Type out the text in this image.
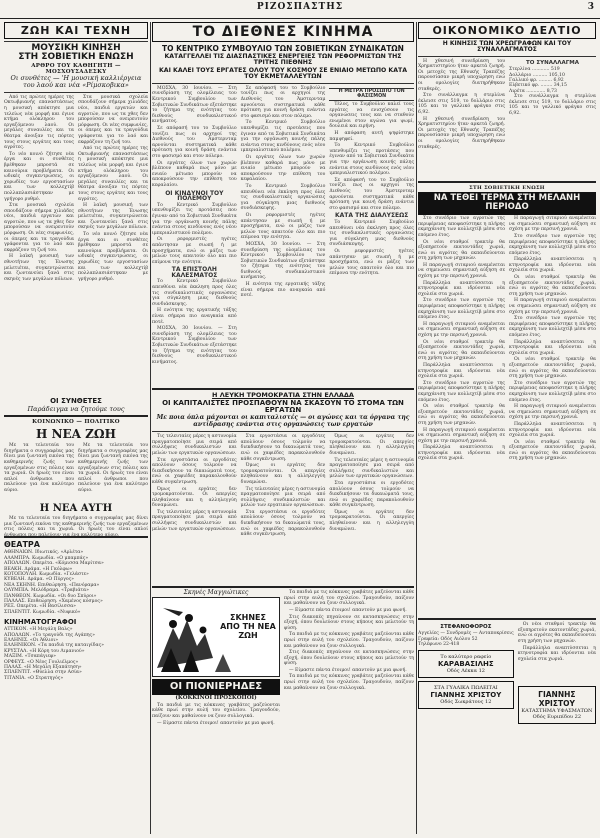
ΡΙΖΟΣΠΑΣΤΗΣ	3
ΖΩΗ ΚΑΙ ΤΕΧΝΗ
ΜΟΥΣΙΚΗ ΚΙΝΗΣΗ
ΣΤΗ ΣΟΒΙΕΤΙΚΗ ΕΝΩΣΗ
ΑΡΘΡΟ ΤΟΥ ΚΑΘΗΓΗΤΗ — ΜΟΣΧΟΥΣΑΔΕΣΚΥ
Οι συνθέτες — 'Η μουσική καλλιέργεια του λαού και νέα «Ρίμσκοβικα»

Από τις πρώτες ημέρες της Οκτωβριανής επαναστάσεως η μουσική απόκτησε μια τελείως νέα μορφή και έγινε κτήμα ολόκληρου του εργαζόμενου λαού. Οι μεγάλες συναυλίες και τα θέατρα άνοιξαν τις πόρτες τους στους εργάτες και τους αγρότες.

Το νέο κοινό ζήτησε νέα έργα και οι συνθέτες βρέθηκαν μπροστά σε καινούρια προβλήματα. Οι ωδικές συγκεντρώσεις, οι χορωδίες των εργοστασίων και των κολλεχτίβ πολλαπλασιάστηκαν με γρήγορο ρυθμό.

Στα μουσικά σχολεία σπουδάζουν σήμερα χιλιάδες νέοι, παιδιά εργατών και αγροτών, που ως τα χθες δεν μπορούσαν να ονειρευτούν μόρφωση. Οι νέες συμφωνίες, οι όπερες και τα τραγούδια γράφονται για το λαό και εκφράζουν τη ζωή του.

Η λαϊκή μουσική των εθνοτήτων της Ένωσης μελετιέται, συγκεντρώνεται και ζωντανεύει ξανά στις σκηνές των μεγάλων πόλεων.

Στα μουσικά σχολεία σπουδάζουν σήμερα χιλιάδες νέοι, παιδιά εργατών και αγροτών, που ως τα χθες δεν μπορούσαν να ονειρευτούν μόρφωση. Οι νέες συμφωνίες, οι όπερες και τα τραγούδια γράφονται για το λαό και εκφράζουν τη ζωή του.

Από τις πρώτες ημέρες της Οκτωβριανής επαναστάσεως η μουσική απόκτησε μια τελείως νέα μορφή και έγινε κτήμα ολόκληρου του εργαζόμενου λαού. Οι μεγάλες συναυλίες και τα θέατρα άνοιξαν τις πόρτες τους στους εργάτες και τους αγρότες.

Η λαϊκή μουσική των εθνοτήτων της Ένωσης μελετιέται, συγκεντρώνεται και ζωντανεύει ξανά στις σκηνές των μεγάλων πόλεων.

Το νέο κοινό ζήτησε νέα έργα και οι συνθέτες βρέθηκαν μπροστά σε καινούρια προβλήματα. Οι ωδικές συγκεντρώσεις, οι χορωδίες των εργοστασίων και των κολλεχτίβ πολλαπλασιάστηκαν με γρήγορο ρυθμό.

ΟΙ ΣΥΝΘΕΤΕΣ
Παράδειγμα να ζητούμε τους
ΚΟΙΝΩΝΙΚΟ — ΠΟΛΙΤΙΚΟ
Η ΝΕΑ ΖΩΗ

Με τα τελευταία του διηγήματα ο συγγραφέας μας δίνει μια ζωντανή εικόνα της καθημερινής ζωής των εργαζομένων στις πόλεις και τα χωριά. Οι ήρωές του είναι απλοί άνθρωποι που παλεύουν για ένα καλύτερο αύριο.

Με τα τελευταία του διηγήματα ο συγγραφέας μας δίνει μια ζωντανή εικόνα της καθημερινής ζωής των εργαζομένων στις πόλεις και τα χωριά. Οι ήρωές του είναι απλοί άνθρωποι που παλεύουν για ένα καλύτερο αύριο.

Η ΝΕΑ ΑΥΓΗ

Με τα τελευταία του διηγήματα ο συγγραφέας μας δίνει μια ζωντανή εικόνα της καθημερινής ζωής των εργαζομένων στις πόλεις και τα χωριά. Οι ήρωές του είναι απλοί άνθρωποι που παλεύουν για ένα καλύτερο αύριο.

ΘΕΑΤΡΑ
ΑΘΗΝΑΙΩΝ. Ιδιωτικός. «Αρλέτα»
ΑΛΑΜΠΡΑ. Κωμωδία. «Ο μπαμπάς»
ΑΠΟΛΛΩΝ. Οπερέτα. «Κόμισσα Μαρίτσα»
ΒΕΑΚΗ. Δράμα. «Η Γκόλφω»
ΚΟΤΟΠΟΥΛΗ. Κωμωδία. «Γελάστε»
ΚΥΒΕΛΗ. Δράμα. «Ο Πύργος»
ΝΕΑ ΣΚΗΝΗ. Επιθεώρηση. «Πανόραμα»
ΟΛΥΜΠΙΑ. Μελόδραμα. «Τραβιάτα»
ΠΑΝΘΕΟΝ. Κωμωδία. «Οι δυο Σπύροι»
ΠΑΛΛΑΣ. Επιθεώρηση. «Χαμένος κόσμος»
ΡΕΞ. Οπερέτα. «Η Βασίλισσα»
ΣΠΛΕΝΤΙΤ. Κωμωδία. «Νυφικό»
ΚΙΝΗΜΑΤΟΓΡΑΦΟΙ
ΑΤΤΙΚΟΝ. «Η Μεγάλη Βαλς»
ΑΠΟΛΛΩΝ. «Το τραγούδι της Αγάπης»
ΕΛΛΗΝΙΣ. «Οι Άθλιοι»
ΕΛΛΗΝΙΚΟΝ. «Τα παιδιά της καταιγίδας»
ΚΡΥΣΤΑΛ. «Η Κόρη του Λιμανιού»
ΜΑΞΙΜ. «Τσαπάγιεφ»
ΟΡΦΕΥΣ. «Ο Νέος Γουλιέλμος»
ΠΑΛΑΣ. «Η Μεγάλη Εξαπάτηση»
ΣΠΛΕΝΤΙΤ. «Θύελλα στην Ασία»
ΤΙΤΑΝΙΑ. «Ο Στρατηγός»
ΤΟ ΔΙΕΘΝΕΣ ΚΙΝΗΜΑ
ΤΟ ΚΕΝΤΡΙΚΟ ΣΥΜΒΟΥΛΙΟ ΤΩΝ ΣΟΒΙΕΤΙΚΩΝ ΣΥΝΔΙΚΑΤΩΝ
ΚΑΤΑΓΓΕΛΛΕΙ ΤΙΣ ΔΙΑΣΠΑΣΤΙΚΕΣ ΕΝΕΡΓΕΙΕΣ ΤΩΝ ΡΕΦΟΡΜΙΣΤΩΝ ΤΗΣ ΤΡΙΤΗΣ ΠΙΕΘΝΗΣ
ΚΑΙ ΚΑΛΕΙ ΤΟΥΣ ΕΡΓΑΤΕΣ ΟΛΟΥ ΤΟΥ ΚΟΣΜΟΥ ΣΕ ΕΝΙΑΙΟ ΜΕΤΩΠΟ ΚΑΤΑ ΤΟΥ ΕΚΜΕΤΑΛΛΕΥΤΩΝ

ΜΟΣΧΑ, 30 Ιουνίου. — Στη συνεδρίαση της ολομέλειας του Κεντρικού Συμβουλίου των Σοβιετικών Συνδικάτων εξετάστηκε το ζήτημα της ενότητας του διεθνούς συνδικαλιστικού κινήματος.

Σε απόφασή του το Συμβούλιο τονίζει πως οι αρχηγοί της Διεθνούς του Άμστερνταμ αρνούνται συστηματικά κάθε πρόταση για κοινή δράση ενάντια στο φασισμό και στον πόλεμο.

Οι εργάτες όλων των χωρών βλέπουν καθαρά πως μόνο με ενιαίο μέτωπο μπορούν να αποκρούσουν την επίθεση του κεφαλαίου.

ΟΙ ΚΙΝΔΥΝΟΙ ΤΟΥ ΠΟΛΕΜΟΥ

Το Κεντρικό Συμβούλιο υπενθυμίζει τις προτάσεις που έγιναν από τα Σοβιετικά Συνδικάτα για την οργάνωση κοινής πάλης ενάντια στους κινδύνους ενός νέου ιμπεριαλιστικού πολέμου.

Οι ρεφορμιστές ηγέτες απάντησαν με σιωπή ή με προσχήματα, ενώ οι μάζες των μελών τους απαιτούν όλο και πιο επίμονα την ενότητα.

ΤΑ ΕΠΙΣΤΟΛΗ ΚΑΛΕΣΜΑΤΟΣ

Το Κεντρικό Συμβούλιο απευθύνει νέα έκκληση προς όλες τις συνδικαλιστικές οργανώσεις για σύγκληση μιας διεθνούς συνδιάσκεψης.

Η ενότητα της εργατικής τάξης είναι σήμερα πιο αναγκαία από ποτέ.

ΜΟΣΧΑ, 30 Ιουνίου. — Στη συνεδρίαση της ολομέλειας του Κεντρικού Συμβουλίου των Σοβιετικών Συνδικάτων εξετάστηκε το ζήτημα της ενότητας του διεθνούς συνδικαλιστικού κινήματος.

Σε απόφασή του το Συμβούλιο τονίζει πως οι αρχηγοί της Διεθνούς του Άμστερνταμ αρνούνται συστηματικά κάθε πρόταση για κοινή δράση ενάντια στο φασισμό και στον πόλεμο.

Το Κεντρικό Συμβούλιο υπενθυμίζει τις προτάσεις που έγιναν από τα Σοβιετικά Συνδικάτα για την οργάνωση κοινής πάλης ενάντια στους κινδύνους ενός νέου ιμπεριαλιστικού πολέμου.

Οι εργάτες όλων των χωρών βλέπουν καθαρά πως μόνο με ενιαίο μέτωπο μπορούν να αποκρούσουν την επίθεση του κεφαλαίου.

Το Κεντρικό Συμβούλιο απευθύνει νέα έκκληση προς όλες τις συνδικαλιστικές οργανώσεις για σύγκληση μιας διεθνούς συνδιάσκεψης.

Οι ρεφορμιστές ηγέτες απάντησαν με σιωπή ή με προσχήματα, ενώ οι μάζες των μελών τους απαιτούν όλο και πιο επίμονα την ενότητα.

ΜΟΣΧΑ, 30 Ιουνίου. — Στη συνεδρίαση της ολομέλειας του Κεντρικού Συμβουλίου των Σοβιετικών Συνδικάτων εξετάστηκε το ζήτημα της ενότητας του διεθνούς συνδικαλιστικού κινήματος.

Η ενότητα της εργατικής τάξης είναι σήμερα πιο αναγκαία από ποτέ.

Η ΜΕΤΡΑ ΠΡΟΣΩΠΟ ΤΟΝ ΦΑΣΙΣΜΟΝ

Τέλος, το Συμβούλιο καλεί τους εργάτες να ενισχύσουν τις οργανώσεις τους και να σταθούν ενωμένοι στον αγώνα για ψωμί, δουλειά και ειρήνη.

Η απόφαση αυτή ψηφίστηκε παμψηφεί.

Το Κεντρικό Συμβούλιο υπενθυμίζει τις προτάσεις που έγιναν από τα Σοβιετικά Συνδικάτα για την οργάνωση κοινής πάλης ενάντια στους κινδύνους ενός νέου ιμπεριαλιστικού πολέμου.

Σε απόφασή του το Συμβούλιο τονίζει πως οι αρχηγοί της Διεθνούς του Άμστερνταμ αρνούνται συστηματικά κάθε πρόταση για κοινή δράση ενάντια στο φασισμό και στον πόλεμο.

ΚΑΤΑ ΤΗΣ ΔΙΑΛΥΣΕΩΣ

Το Κεντρικό Συμβούλιο απευθύνει νέα έκκληση προς όλες τις συνδικαλιστικές οργανώσεις για σύγκληση μιας διεθνούς συνδιάσκεψης.

Οι ρεφορμιστές ηγέτες απάντησαν με σιωπή ή με προσχήματα, ενώ οι μάζες των μελών τους απαιτούν όλο και πιο επίμονα την ενότητα.

Η ΛΕΥΚΗ ΤΡΟΜΟΚΡΑΤΙΑ ΣΤΗΝ ΕΛΛΑΔΑ
ΟΙ ΚΑΠΙΤΑΛΙΣΤΕΣ ΠΡΟΣΠΑΘΟΥΝ ΝΑ ΣΚΑΣΟΥΝ ΤΟ ΣΤΟΜΑ ΤΩΝ ΕΡΓΑΤΩΝ
Με ποια όπλα μάχονται οι καπιταλιστές — οι αγώνες και τα όργανα της αντίδρασης ενάντια στις οργανώσεις των εργατών

Τις τελευταίες μέρες η αστυνομία πραγματοποίησε μια σειρά από συλλήψεις συνδικαλιστών και μελών των εργατικών οργανώσεων.

Στα εργοστάσια οι εργοδότες απολύουν όσους τολμούν να διεκδικήσουν τα δικαιώματά τους, ενώ οι χαφιέδες παρακολουθούν κάθε συγκέντρωση.

Όμως οι εργάτες δεν τρομοκρατούνται. Οι απεργίες πληθαίνουν και η αλληλεγγύη δυναμώνει.

Τις τελευταίες μέρες η αστυνομία πραγματοποίησε μια σειρά από συλλήψεις συνδικαλιστών και μελών των εργατικών οργανώσεων.

Στα εργοστάσια οι εργοδότες απολύουν όσους τολμούν να διεκδικήσουν τα δικαιώματά τους, ενώ οι χαφιέδες παρακολουθούν κάθε συγκέντρωση.

Όμως οι εργάτες δεν τρομοκρατούνται. Οι απεργίες πληθαίνουν και η αλληλεγγύη δυναμώνει.

Τις τελευταίες μέρες η αστυνομία πραγματοποίησε μια σειρά από συλλήψεις συνδικαλιστών και μελών των εργατικών οργανώσεων.

Στα εργοστάσια οι εργοδότες απολύουν όσους τολμούν να διεκδικήσουν τα δικαιώματά τους, ενώ οι χαφιέδες παρακολουθούν κάθε συγκέντρωση.

Όμως οι εργάτες δεν τρομοκρατούνται. Οι απεργίες πληθαίνουν και η αλληλεγγύη δυναμώνει.

Τις τελευταίες μέρες η αστυνομία πραγματοποίησε μια σειρά από συλλήψεις συνδικαλιστών και μελών των εργατικών οργανώσεων.

Στα εργοστάσια οι εργοδότες απολύουν όσους τολμούν να διεκδικήσουν τα δικαιώματά τους, ενώ οι χαφιέδες παρακολουθούν κάθε συγκέντρωση.

Όμως οι εργάτες δεν τρομοκρατούνται. Οι απεργίες πληθαίνουν και η αλληλεγγύη δυναμώνει.

Σκηνές Μαγγιώτικες
ΣΚΗΝΕΣ ΑΠΟ ΤΗ ΝΕΑ ΖΩΗ
ΟΙ ΠΙΟΝΙΕΡΗΔΕΣ
(ΚΟΚΚΙΝΟΙ ΠΡΟΣΚΟΠΟΙ)

Τα παιδιά με τις κόκκινες γραβάτες μαζεύονται κάθε πρωί στην αυλή του σχολείου. Τραγουδούν, παίζουν και μαθαίνουν να ζουν συλλογικά.

— Είμαστε πάντα έτοιμοι! απαντούν με μια φωνή.

Τα παιδιά με τις κόκκινες γραβάτες μαζεύονται κάθε πρωί στην αυλή του σχολείου. Τραγουδούν, παίζουν και μαθαίνουν να ζουν συλλογικά.

— Είμαστε πάντα έτοιμοι! απαντούν με μια φωνή.

Στις διακοπές πηγαίνουν σε κατασκηνώσεις στην εξοχή, όπου δουλεύουν στους κήπους και μελετούν τη φύση.

Τα παιδιά με τις κόκκινες γραβάτες μαζεύονται κάθε πρωί στην αυλή του σχολείου. Τραγουδούν, παίζουν και μαθαίνουν να ζουν συλλογικά.

Στις διακοπές πηγαίνουν σε κατασκηνώσεις στην εξοχή, όπου δουλεύουν στους κήπους και μελετούν τη φύση.

— Είμαστε πάντα έτοιμοι! απαντούν με μια φωνή.

Τα παιδιά με τις κόκκινες γραβάτες μαζεύονται κάθε πρωί στην αυλή του σχολείου. Τραγουδούν, παίζουν και μαθαίνουν να ζουν συλλογικά.

ΟΙΚΟΝΟΜΙΚΟ ΔΕΛΤΙΟ
Η ΚΙΝΗΣΙΣ ΤΩΝ ΧΡΕΩΓΡΑΦΩΝ ΚΑΙ ΤΟΥ ΣΥΝΑΛΛΑΓΜΑΤΟΣ

Η χθεσινή συνεδρίαση του Χρηματιστηρίου ήταν αρκετά ζωηρή. Οι μετοχές της Εθνικής Τραπέζης παρουσίασαν μικρή υποχώρηση ενώ οι ομολογίες διατηρήθηκαν σταθερές.

Στο συνάλλαγμα η στερλίνα έκλεισε στις 519, το δολλάριο στις 105 και το γαλλικό φράγκο στις 6,92.

Η χθεσινή συνεδρίαση του Χρηματιστηρίου ήταν αρκετά ζωηρή. Οι μετοχές της Εθνικής Τραπέζης παρουσίασαν μικρή υποχώρηση ενώ οι ομολογίες διατηρήθηκαν σταθερές.

ΤΟ ΣΥΝΑΛΛΑΓΜΑ
Στερλίνα ............ 519
Δολλάριο .......... 105,10
Γαλλικό φρ. ......... 6,92
Ελβετικό φρ. ........ 34,15
Λιρέτα ............. 8,73

Στο συνάλλαγμα η στερλίνα έκλεισε στις 519, το δολλάριο στις 105 και το γαλλικό φράγκο στις 6,92.

ΣΤΗ ΣΟΒΙΕΤΙΚΗ ΕΝΩΣΗ
ΝΑ ΤΕΘΕΙ ΤΕΡΜΑ ΣΤΗ ΜΕΛΑΝΗ ΠΕΡΙΟΔΟ

Στο συνέδριο των αγροτών της περιφέρειας αποφασίστηκε η πλήρης εκμηχάνιση των κολλεχτίβ μέσα στο επόμενο έτος.

Οι νέοι σταθμοί τρακτέρ θα εξυπηρετούν εκατοντάδες χωριά, ενώ οι αγρότες θα εκπαιδεύονται στη χρήση των μηχανών.

Η παραγωγή σιταριού αναμένεται να σημειώσει σημαντική αύξηση σε σχέση με την περσινή χρονιά.

Παράλληλα αναπτύσσεται η κτηνοτροφία και ιδρύονται νέα σχολεία στα χωριά.

Στο συνέδριο των αγροτών της περιφέρειας αποφασίστηκε η πλήρης εκμηχάνιση των κολλεχτίβ μέσα στο επόμενο έτος.

Η παραγωγή σιταριού αναμένεται να σημειώσει σημαντική αύξηση σε σχέση με την περσινή χρονιά.

Οι νέοι σταθμοί τρακτέρ θα εξυπηρετούν εκατοντάδες χωριά, ενώ οι αγρότες θα εκπαιδεύονται στη χρήση των μηχανών.

Παράλληλα αναπτύσσεται η κτηνοτροφία και ιδρύονται νέα σχολεία στα χωριά.

Στο συνέδριο των αγροτών της περιφέρειας αποφασίστηκε η πλήρης εκμηχάνιση των κολλεχτίβ μέσα στο επόμενο έτος.

Οι νέοι σταθμοί τρακτέρ θα εξυπηρετούν εκατοντάδες χωριά, ενώ οι αγρότες θα εκπαιδεύονται στη χρήση των μηχανών.

Η παραγωγή σιταριού αναμένεται να σημειώσει σημαντική αύξηση σε σχέση με την περσινή χρονιά.

Παράλληλα αναπτύσσεται η κτηνοτροφία και ιδρύονται νέα σχολεία στα χωριά.

Η παραγωγή σιταριού αναμένεται να σημειώσει σημαντική αύξηση σε σχέση με την περσινή χρονιά.

Στο συνέδριο των αγροτών της περιφέρειας αποφασίστηκε η πλήρης εκμηχάνιση των κολλεχτίβ μέσα στο επόμενο έτος.

Παράλληλα αναπτύσσεται η κτηνοτροφία και ιδρύονται νέα σχολεία στα χωριά.

Οι νέοι σταθμοί τρακτέρ θα εξυπηρετούν εκατοντάδες χωριά, ενώ οι αγρότες θα εκπαιδεύονται στη χρήση των μηχανών.

Η παραγωγή σιταριού αναμένεται να σημειώσει σημαντική αύξηση σε σχέση με την περσινή χρονιά.

Στο συνέδριο των αγροτών της περιφέρειας αποφασίστηκε η πλήρης εκμηχάνιση των κολλεχτίβ μέσα στο επόμενο έτος.

Παράλληλα αναπτύσσεται η κτηνοτροφία και ιδρύονται νέα σχολεία στα χωριά.

Οι νέοι σταθμοί τρακτέρ θα εξυπηρετούν εκατοντάδες χωριά, ενώ οι αγρότες θα εκπαιδεύονται στη χρήση των μηχανών.

Στο συνέδριο των αγροτών της περιφέρειας αποφασίστηκε η πλήρης εκμηχάνιση των κολλεχτίβ μέσα στο επόμενο έτος.

Η παραγωγή σιταριού αναμένεται να σημειώσει σημαντική αύξηση σε σχέση με την περσινή χρονιά.

Παράλληλα αναπτύσσεται η κτηνοτροφία και ιδρύονται νέα σχολεία στα χωριά.

Οι νέοι σταθμοί τρακτέρ θα εξυπηρετούν εκατοντάδες χωριά, ενώ οι αγρότες θα εκπαιδεύονται στη χρήση των μηχανών.

ΣΤΕΦΑΝΟΦΟΡΟΣ
Αγγελίες — Συνδρομές — Ανταποκρίσεις
Γραφεία: Οδός Αιόλου 52
Τηλέφωνο 22-418
Το καλύτερο ραφείο
ΚΑΡΑΒΑΣΙΛΗΣ
Οδός Λέκκα 12
ΣΤΑ ΓΥΑΛΙΚΑ ΠΩΛΕΙΤΑΙ
ΓΙΑΝΝΗΣ ΧΡΙΣΤΟΥ
Οδός Σωκράτους 12

Οι νέοι σταθμοί τρακτέρ θα εξυπηρετούν εκατοντάδες χωριά, ενώ οι αγρότες θα εκπαιδεύονται στη χρήση των μηχανών.

Παράλληλα αναπτύσσεται η κτηνοτροφία και ιδρύονται νέα σχολεία στα χωριά.

ΓΙΑΝΝΗΣ ΧΡΙΣΤΟΥ
ΚΑΤΑΣΤΗΜΑ ΥΦΑΣΜΑΤΩΝ
Οδός Ευριπίδου 22
